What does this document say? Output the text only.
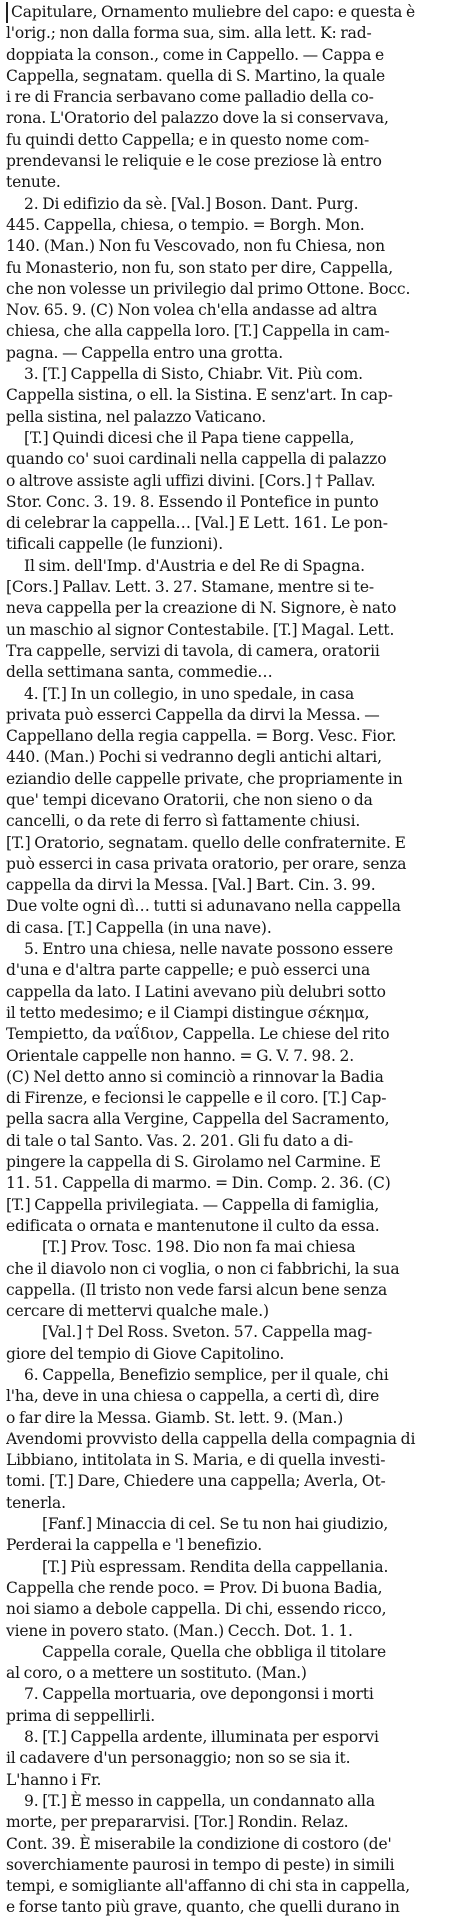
Capitulare, Ornamento muliebre del capo: e questa è
l'orig.; non dalla forma sua, sim. alla lett. K: rad-
doppiata la conson., come in Cappello. — Cappa e
Cappella, segnatam. quella di S. Martino, la quale
i re di Francia serbavano come palladio della co-
rona. L'Oratorio del palazzo dove la si conservava,
fu quindi detto Cappella; e in questo nome com-
prendevansi le reliquie e le cose preziose là entro
tenute.
2. Di edifizio da sè. [Val.] Boson. Dant. Purg.
445. Cappella, chiesa, o tempio. = Borgh. Mon.
140. (Man.) Non fu Vescovado, non fu Chiesa, non
fu Monasterio, non fu, son stato per dire, Cappella,
che non volesse un privilegio dal primo Ottone. Bocc.
Nov. 65. 9. (C) Non volea ch'ella andasse ad altra
chiesa, che alla cappella loro. [T.] Cappella in cam-
pagna. — Cappella entro una grotta.
3. [T.] Cappella di Sisto, Chiabr. Vit. Più com.
Cappella sistina, o ell. la Sistina. E senz'art. In cap-
pella sistina, nel palazzo Vaticano.
[T.] Quindi dicesi che il Papa tiene cappella,
quando co' suoi cardinali nella cappella di palazzo
o altrove assiste agli uffizi divini. [Cors.] † Pallav.
Stor. Conc. 3. 19. 8. Essendo il Pontefice in punto
di celebrar la cappella… [Val.] E Lett. 161. Le pon-
tificali cappelle (le funzioni).
Il sim. dell'Imp. d'Austria e del Re di Spagna.
[Cors.] Pallav. Lett. 3. 27. Stamane, mentre si te-
neva cappella per la creazione di N. Signore, è nato
un maschio al signor Contestabile. [T.] Magal. Lett.
Tra cappelle, servizi di tavola, di camera, oratorii
della settimana santa, commedie…
4. [T.] In un collegio, in uno spedale, in casa
privata può esserci Cappella da dirvi la Messa. —
Cappellano della regia cappella. = Borg. Vesc. Fior.
440. (Man.) Pochi si vedranno degli antichi altari,
eziandio delle cappelle private, che propriamente in
que' tempi dicevano Oratorii, che non sieno o da
cancelli, o da rete di ferro sì fattamente chiusi.
[T.] Oratorio, segnatam. quello delle confraternite. E
può esserci in casa privata oratorio, per orare, senza
cappella da dirvi la Messa. [Val.] Bart. Cin. 3. 99.
Due volte ogni dì… tutti si adunavano nella cappella
di casa. [T.] Cappella (in una nave).
5. Entro una chiesa, nelle navate possono essere
d'una e d'altra parte cappelle; e può esserci una
cappella da lato. I Latini avevano più delubri sotto
il tetto medesimo; e il Ciampi distingue σέκημα,
Tempietto, da ναΐδιον, Cappella. Le chiese del rito
Orientale cappelle non hanno. = G. V. 7. 98. 2.
(C) Nel detto anno si cominciò a rinnovar la Badia
di Firenze, e fecionsi le cappelle e il coro. [T.] Cap-
pella sacra alla Vergine, Cappella del Sacramento,
di tale o tal Santo. Vas. 2. 201. Gli fu dato a di-
pingere la cappella di S. Girolamo nel Carmine. E
11. 51. Cappella di marmo. = Din. Comp. 2. 36. (C)
[T.] Cappella privilegiata. — Cappella di famiglia,
edificata o ornata e mantenutone il culto da essa.
[T.] Prov. Tosc. 198. Dio non fa mai chiesa
che il diavolo non ci voglia, o non ci fabbrichi, la sua
cappella. (Il tristo non vede farsi alcun bene senza
cercare di mettervi qualche male.)
[Val.] † Del Ross. Sveton. 57. Cappella mag-
giore del tempio di Giove Capitolino.
6. Cappella, Benefizio semplice, per il quale, chi
l'ha, deve in una chiesa o cappella, a certi dì, dire
o far dire la Messa. Giamb. St. lett. 9. (Man.)
Avendomi provvisto della cappella della compagnia di
Libbiano, intitolata in S. Maria, e di quella investi-
tomi. [T.] Dare, Chiedere una cappella; Averla, Ot-
tenerla.
[Fanf.] Minaccia di cel. Se tu non hai giudizio,
Perderai la cappella e 'l benefizio.
[T.] Più espressam. Rendita della cappellania.
Cappella che rende poco. = Prov. Di buona Badia,
noi siamo a debole cappella. Di chi, essendo ricco,
viene in povero stato. (Man.) Cecch. Dot. 1. 1.
Cappella corale, Quella che obbliga il titolare
al coro, o a mettere un sostituto. (Man.)
7. Cappella mortuaria, ove depongonsi i morti
prima di seppellirli.
8. [T.] Cappella ardente, illuminata per esporvi
il cadavere d'un personaggio; non so se sia it.
L'hanno i Fr.
9. [T.] È messo in cappella, un condannato alla
morte, per prepararvisi. [Tor.] Rondin. Relaz.
Cont. 39. È miserabile la condizione di costoro (de'
soverchiamente paurosi in tempo di peste) in simili
tempi, e somigliante all'affanno di chi sta in cappella,
e forse tanto più grave, quanto, che quelli durano in
